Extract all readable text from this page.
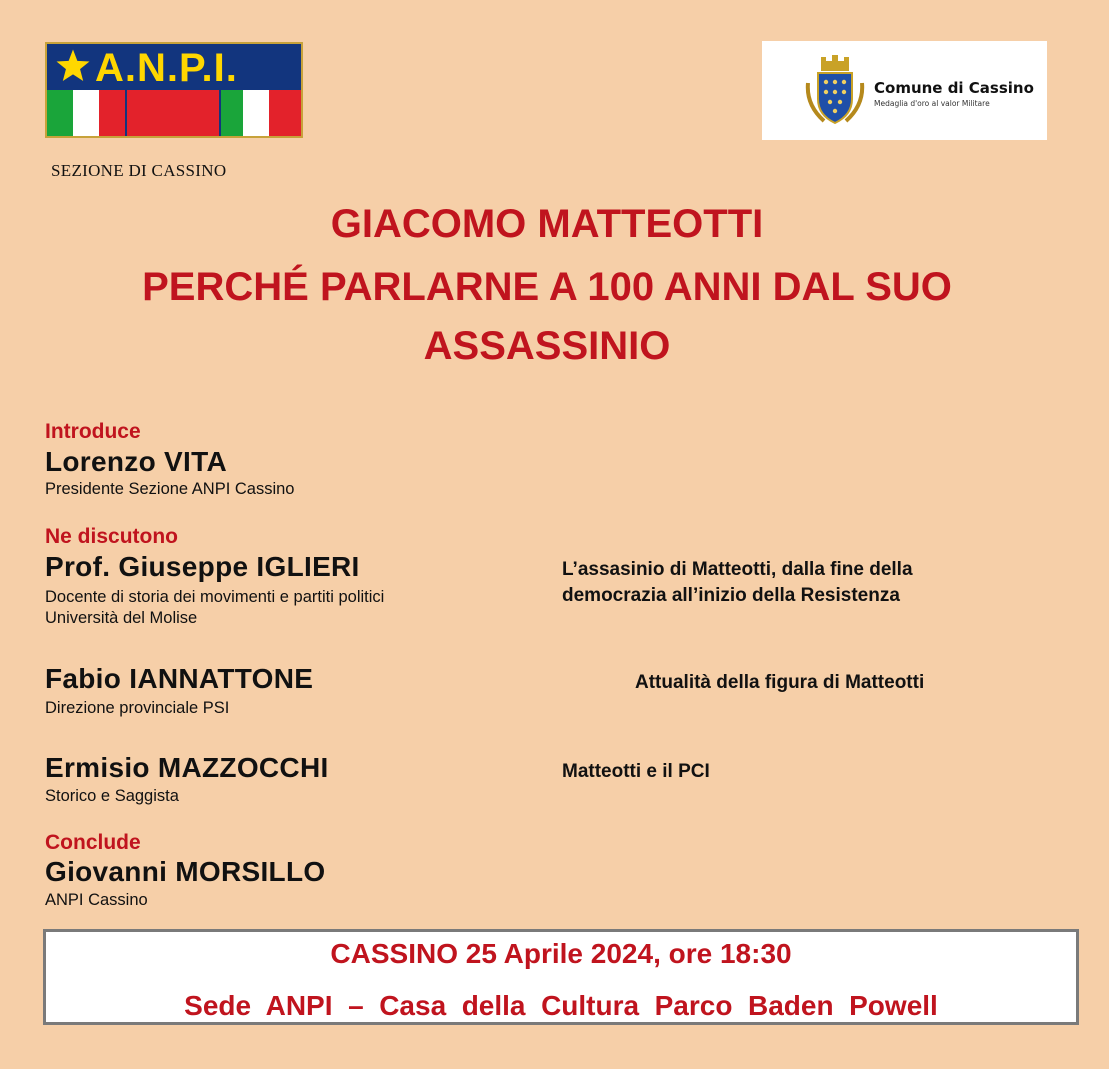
A.N.P.I.
SEZIONE DI CASSINO
Comune di Cassino
Medaglia d'oro al valor Militare
GIACOMO MATTEOTTI
PERCHÉ PARLARNE A 100 ANNI DAL SUO
ASSASSINIO
Introduce
Lorenzo VITA
Presidente Sezione ANPI Cassino
Ne discutono
Prof. Giuseppe IGLIERI
Docente di storia dei movimenti e partiti politici
Università del Molise
L’assasinio di Matteotti, dalla fine della
democrazia all’inizio della Resistenza
Fabio IANNATTONE
Direzione provinciale PSI
Attualità della figura di Matteotti
Ermisio MAZZOCCHI
Storico e Saggista
Matteotti e il PCI
Conclude
Giovanni MORSILLO
ANPI Cassino
CASSINO 25 Aprile 2024, ore 18:30
Sede  ANPI  –  Casa  della  Cultura  Parco  Baden  Powell
